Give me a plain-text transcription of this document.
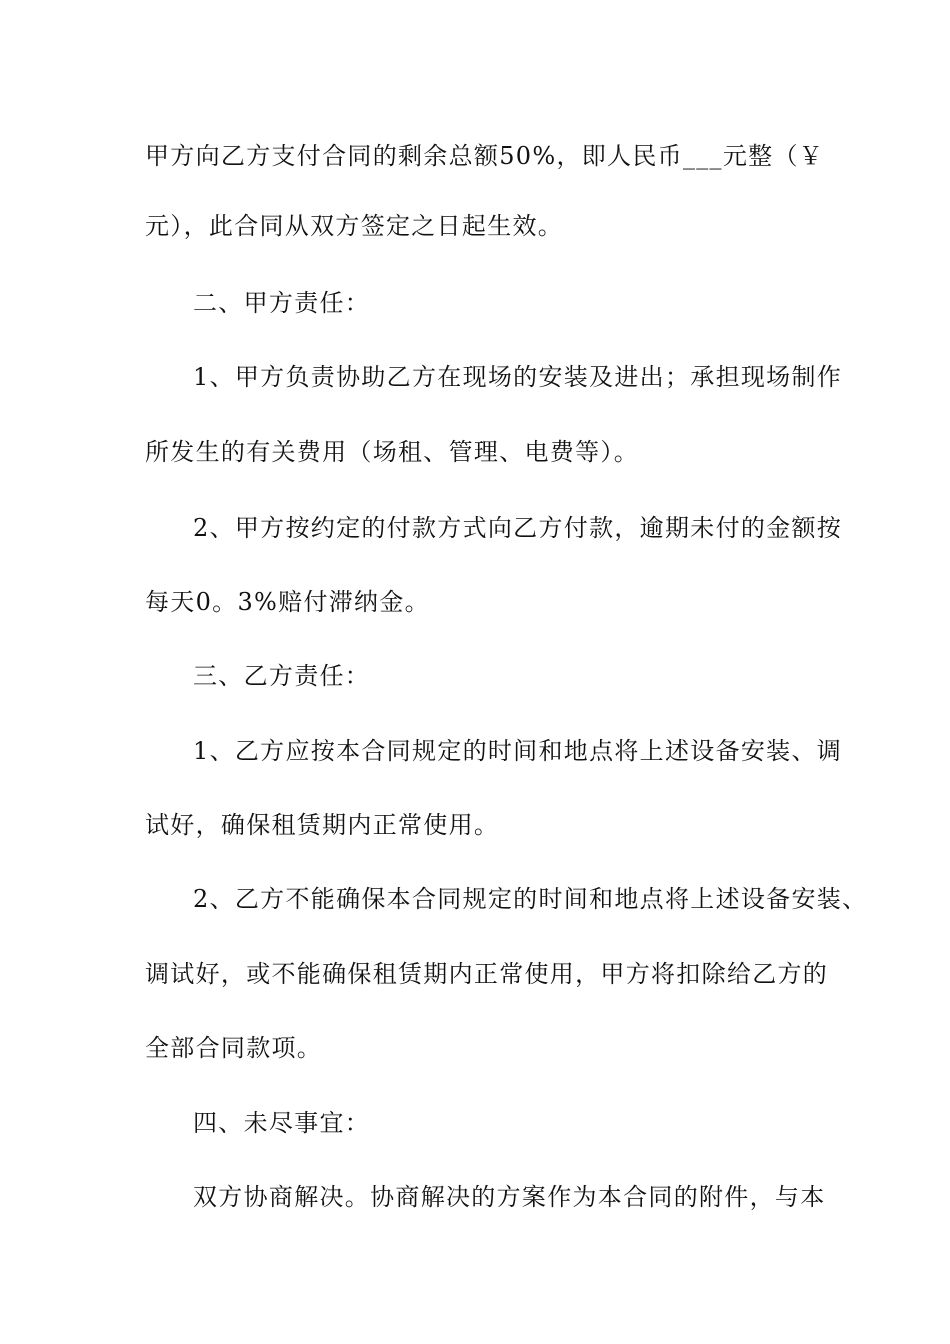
甲方向乙方支付合同的剩余总额50%，即人民币___元整（￥
元），此合同从双方签定之日起生效。
二、甲方责任：
1、甲方负责协助乙方在现场的安装及进出；承担现场制作
所发生的有关费用（场租、管理、电费等）。
2、甲方按约定的付款方式向乙方付款，逾期未付的金额按
每天0。3%赔付滞纳金。
三、乙方责任：
1、乙方应按本合同规定的时间和地点将上述设备安装、调
试好，确保租赁期内正常使用。
2、乙方不能确保本合同规定的时间和地点将上述设备安装、
调试好，或不能确保租赁期内正常使用，甲方将扣除给乙方的
全部合同款项。
四、未尽事宜：
双方协商解决。协商解决的方案作为本合同的附件，与本
